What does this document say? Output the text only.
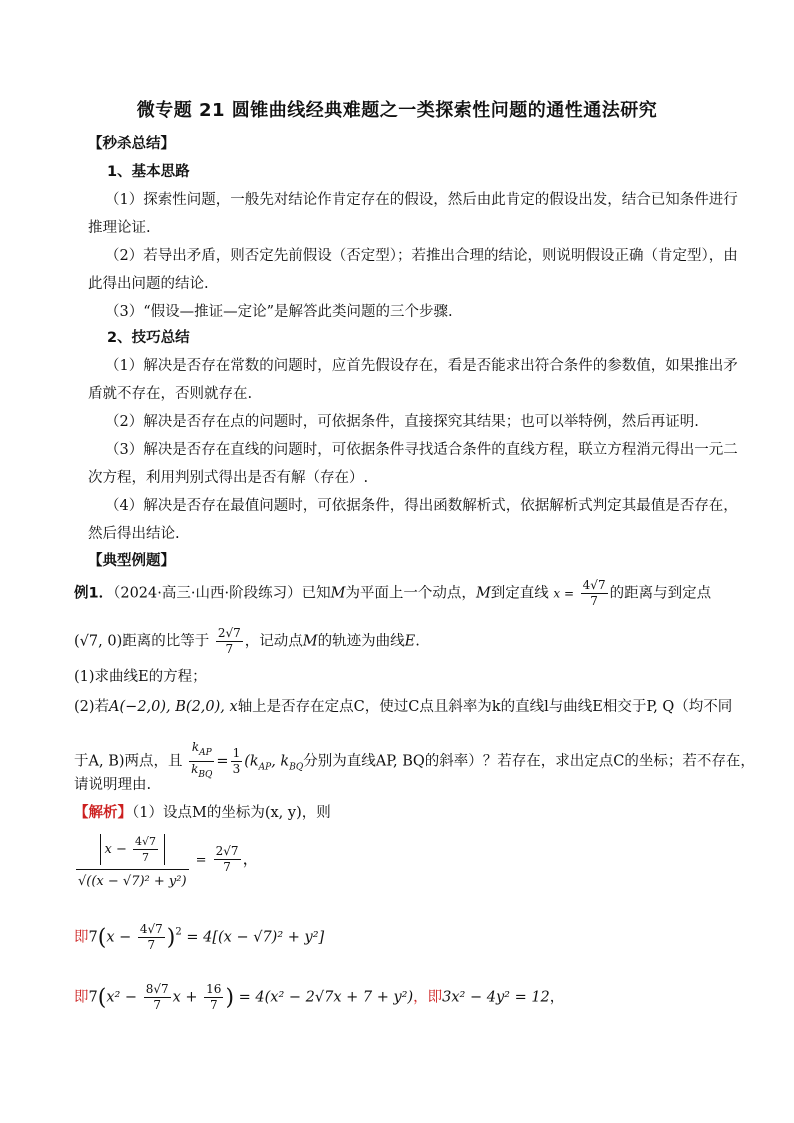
微专题 21 圆锥曲线经典难题之一类探索性问题的通性通法研究
【秒杀总结】
1、基本思路
（1）探索性问题，一般先对结论作肯定存在的假设，然后由此肯定的假设出发，结合已知条件进行
推理论证.
（2）若导出矛盾，则否定先前假设（否定型）；若推出合理的结论，则说明假设正确（肯定型），由
此得出问题的结论.
（3）“假设—推证—定论”是解答此类问题的三个步骤.
2、技巧总结
（1）解决是否存在常数的问题时，应首先假设存在，看是否能求出符合条件的参数值，如果推出矛
盾就不存在，否则就存在.
（2）解决是否存在点的问题时，可依据条件，直接探究其结果；也可以举特例，然后再证明.
（3）解决是否存在直线的问题时，可依据条件寻找适合条件的直线方程，联立方程消元得出一元二
次方程，利用判别式得出是否有解（存在）.
（4）解决是否存在最值问题时，可依据条件，得出函数解析式，依据解析式判定其最值是否存在，
然后得出结论.
【典型例题】
例1．（2024·高三·山西·阶段练习）已知M为平面上一个动点，M到定直线 $x = \frac{4√7}{7}$ 的距离与到定点
(√7, 0)距离的比等于 $\frac{2√7}{7}$ ，记动点M的轨迹为曲线E.
(1)求曲线E的方程；
(2)若A(−2,0), B(2,0), x轴上是否存在定点C，使过C点且斜率为k的直线l与曲线E相交于P, Q（均不同
于A, B)两点，且 $\frac{k_{AP}}{k_{BQ}} = \frac{1}{3} (k_{AP}$, $k_{BQ}$分别为直线AP, BQ的斜率）？若存在，求出定点C的坐标；若不存在，
请说明理由.
【解析】（1）设点M的坐标为(x, y)，则
$\frac{x - \frac{4√7}{7}}{\text{√((x − √7)² + y²)}} = \frac{2√7}{7}$ ，
即$7(x - \frac{4√7}{7} )^2 = 4[(x - √7)^2 + y^2]$
即$7(x^2 - \frac{8√7}{7}$ $x + \frac{16}{7}$ ) = 4(x² − 2√7x + 7 + y²)，即3x² − 4y² = 12，
